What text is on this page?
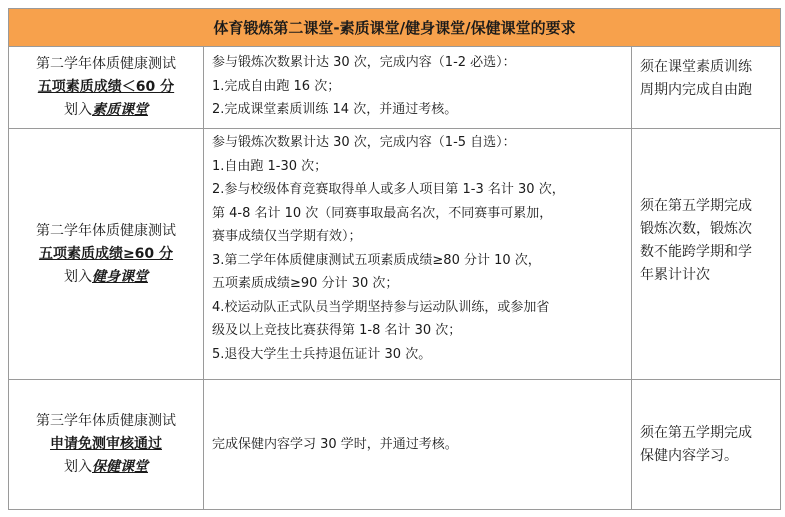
体育锻炼第二课堂-素质课堂/健身课堂/保健课堂的要求
第二学年体质健康测试
五项素质成绩＜60 分
划入素质课堂
参与锻炼次数累计达 30 次，完成内容（1-2 必选）：
1.完成自由跑 16 次；
2.完成课堂素质训练 14 次，并通过考核。
须在课堂素质训练
周期内完成自由跑
第二学年体质健康测试
五项素质成绩≥60 分
划入健身课堂
参与锻炼次数累计达 30 次，完成内容（1-5 自选）：
1.自由跑 1-30 次；
2.参与校级体育竞赛取得单人或多人项目第 1-3 名计 30 次，
第 4-8 名计 10 次（同赛事取最高名次，不同赛事可累加，
赛事成绩仅当学期有效）；
3.第二学年体质健康测试五项素质成绩≥80 分计 10 次，
五项素质成绩≥90 分计 30 次；
4.校运动队正式队员当学期坚持参与运动队训练，或参加省
级及以上竞技比赛获得第 1-8 名计 30 次；
5.退役大学生士兵持退伍证计 30 次。
须在第五学期完成
锻炼次数，锻炼次
数不能跨学期和学
年累计计次
第三学年体质健康测试
申请免测审核通过
划入保健课堂
完成保健内容学习 30 学时，并通过考核。
须在第五学期完成
保健内容学习。
